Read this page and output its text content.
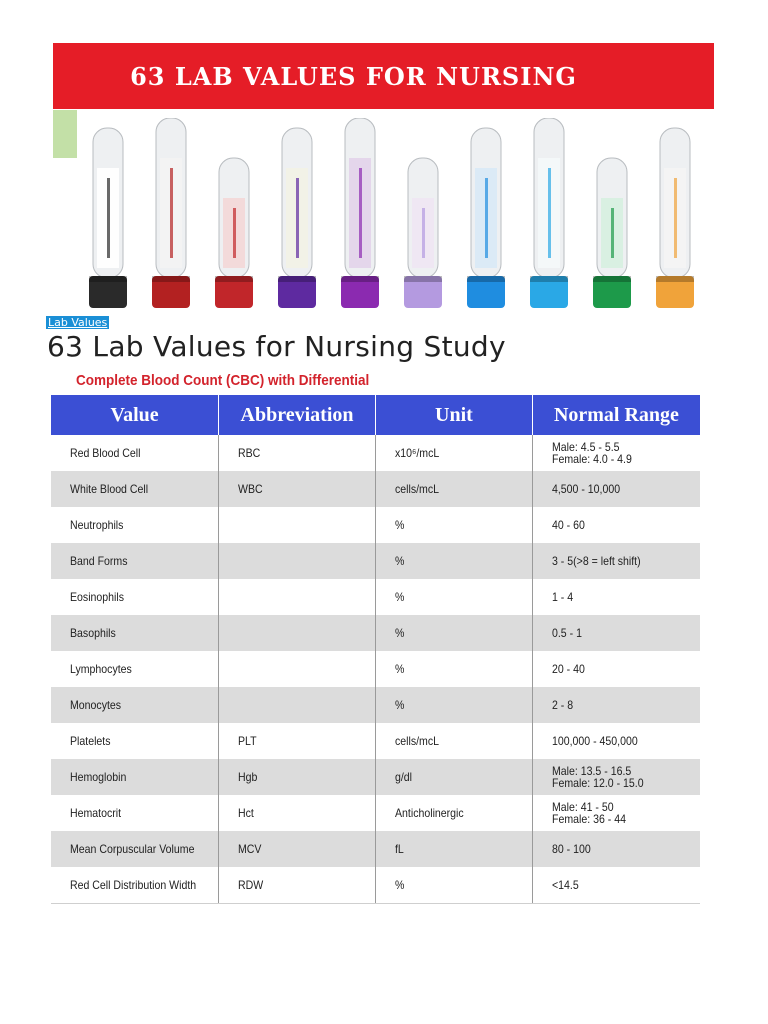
63 LAB VALUES FOR NURSING
Lab Values
63 Lab Values for Nursing Study
Complete Blood Count (CBC) with Differential
Value	Abbreviation	Unit	Normal Range
Red Blood Cell	RBC	x10⁶/mcL	Male: 4.5 - 5.5
Female: 4.0 - 4.9
White Blood Cell	WBC	cells/mcL	4,500 - 10,000
Neutrophils		%	40 - 60
Band Forms		%	3 - 5(>8 = left shift)
Eosinophils		%	1 - 4
Basophils		%	0.5 - 1
Lymphocytes		%	20 - 40
Monocytes		%	2 - 8
Platelets	PLT	cells/mcL	100,000 - 450,000
Hemoglobin	Hgb	g/dl	Male: 13.5 - 16.5
Female: 12.0 - 15.0
Hematocrit	Hct	Anticholinergic	Male: 41 - 50
Female: 36 - 44
Mean Corpuscular Volume	MCV	fL	80 - 100
Red Cell Distribution Width	RDW	%	<14.5
